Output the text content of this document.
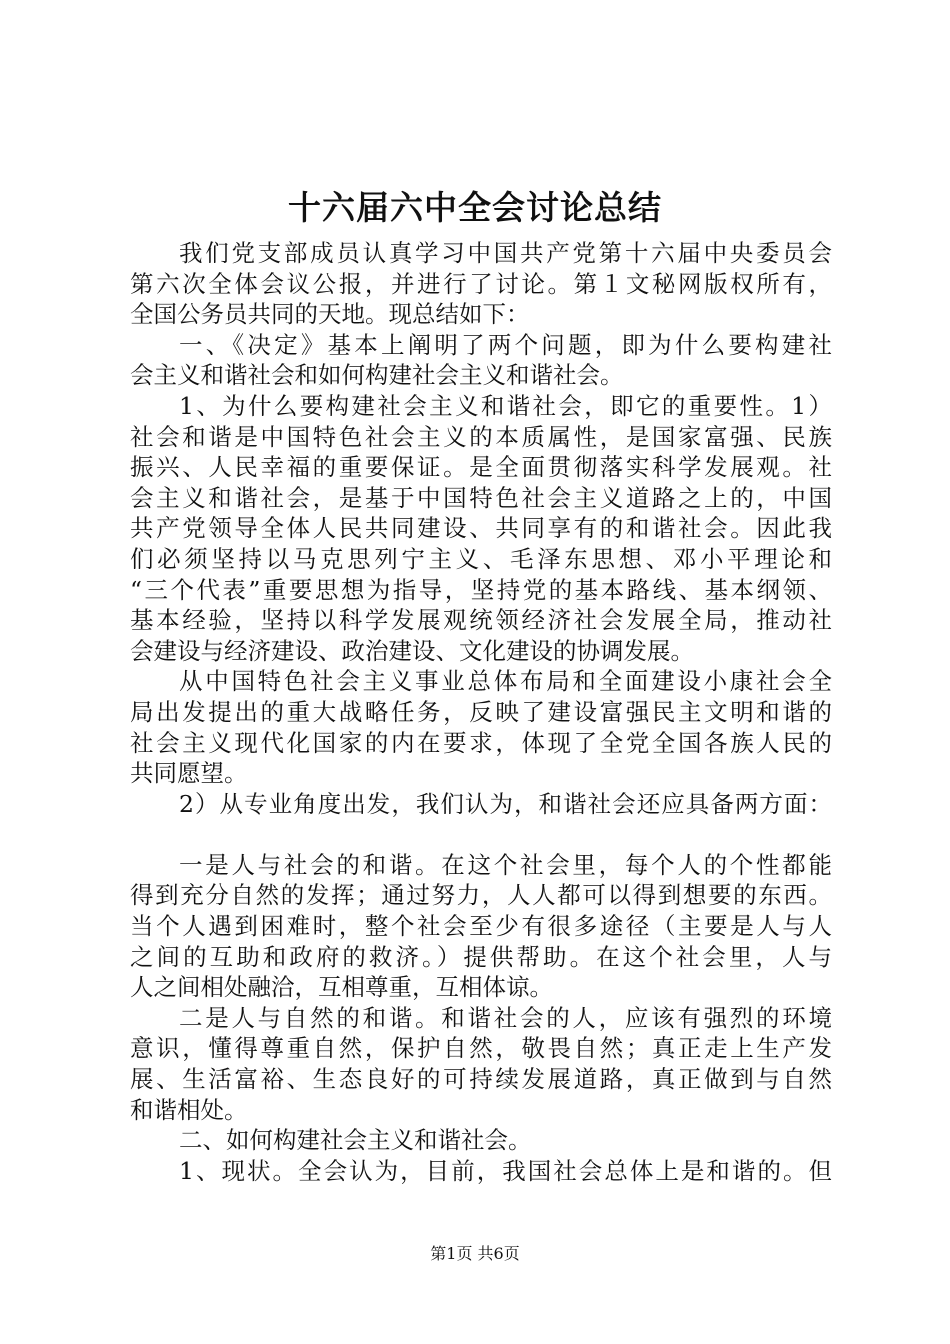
十六届六中全会讨论总结
我们党支部成员认真学习中国共产党第十六届中央委员会
第六次全体会议公报，并进行了讨论。第１文秘网版权所有，
全国公务员共同的天地。现总结如下：
一、《决定》基本上阐明了两个问题，即为什么要构建社
会主义和谐社会和如何构建社会主义和谐社会。
1、为什么要构建社会主义和谐社会，即它的重要性。1）
社会和谐是中国特色社会主义的本质属性，是国家富强、民族
振兴、人民幸福的重要保证。是全面贯彻落实科学发展观。社
会主义和谐社会，是基于中国特色社会主义道路之上的，中国
共产党领导全体人民共同建设、共同享有的和谐社会。因此我
们必须坚持以马克思列宁主义、毛泽东思想、邓小平理论和
“三个代表”重要思想为指导，坚持党的基本路线、基本纲领、
基本经验，坚持以科学发展观统领经济社会发展全局，推动社
会建设与经济建设、政治建设、文化建设的协调发展。
从中国特色社会主义事业总体布局和全面建设小康社会全
局出发提出的重大战略任务，反映了建设富强民主文明和谐的
社会主义现代化国家的内在要求，体现了全党全国各族人民的
共同愿望。
2）从专业角度出发，我们认为，和谐社会还应具备两方面：
一是人与社会的和谐。在这个社会里，每个人的个性都能
得到充分自然的发挥；通过努力，人人都可以得到想要的东西。
当个人遇到困难时，整个社会至少有很多途径（主要是人与人
之间的互助和政府的救济。）提供帮助。在这个社会里，人与
人之间相处融洽，互相尊重，互相体谅。
二是人与自然的和谐。和谐社会的人，应该有强烈的环境
意识，懂得尊重自然，保护自然，敬畏自然；真正走上生产发
展、生活富裕、生态良好的可持续发展道路，真正做到与自然
和谐相处。
二、如何构建社会主义和谐社会。
1、现状。全会认为，目前，我国社会总体上是和谐的。但
第1页 共6页
